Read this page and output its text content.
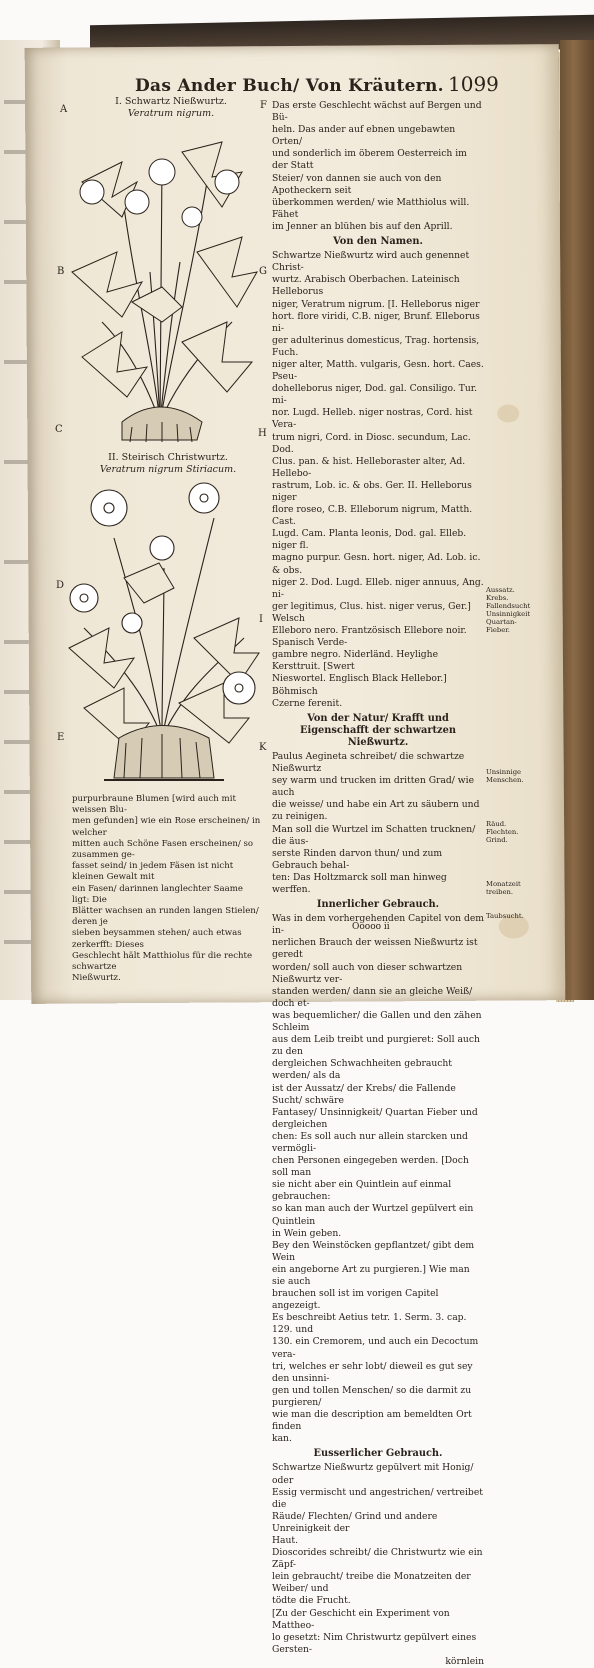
Das Ander Buch/ Von Kräutern. 1099
A
B
C
D
E
F
G
H
I
K
I. Schwartz Nießwurtz.
Veratrum nigrum.
II. Steirisch Christwurtz.
Veratrum nigrum Stiriacum.

Das erste Geschlecht wächst auf Bergen und Bü-

heln. Das ander auf ebnen ungebawten Orten/

und sonderlich im öberem Oesterreich im der Statt

Steier/ von dannen sie auch von den Apotheckern seit

überkommen werden/ wie Matthiolus will. Fähet

im Jenner an blühen bis auf den Aprill.

Von den Namen.

Schwartze Nießwurtz wird auch genennet Christ-

wurtz. Arabisch Oberbachen. Lateinisch Helleborus

niger, Veratrum nigrum. [I. Helleborus niger

hort. flore viridi, C.B. niger, Brunf. Elleborus ni-

ger adulterinus domesticus, Trag. hortensis, Fuch.

niger alter, Matth. vulgaris, Gesn. hort. Caes. Pseu-

dohelleborus niger, Dod. gal. Consiligo. Tur. mi-

nor. Lugd. Helleb. niger nostras, Cord. hist Vera-

trum nigri, Cord. in Diosc. secundum, Lac. Dod.

Clus. pan. & hist. Helleboraster alter, Ad. Hellebo-

rastrum, Lob. ic. & obs. Ger. II. Helleborus niger

flore roseo, C.B. Elleborum nigrum, Matth. Cast.

Lugd. Cam. Planta leonis, Dod. gal. Elleb. niger fl.

magno purpur. Gesn. hort. niger, Ad. Lob. ic. & obs.

niger 2. Dod. Lugd. Elleb. niger annuus, Ang. ni-

ger legitimus, Clus. hist. niger verus, Ger.] Welsch

Elleboro nero. Frantzösisch Ellebore noir. Spanisch Verde-

gambre negro. Niderländ. Heylighe Kersttruit. [Swert

Nieswortel. Englisch Black Hellebor.] Böhmisch

Czerne ferenit.

Von der Natur/ Krafft und Eigenschafft der schwartzen Nießwurtz.

Paulus Aegineta schreibet/ die schwartze Nießwurtz

sey warm und trucken im dritten Grad/ wie auch

die weisse/ und habe ein Art zu säubern und zu reinigen.

Man soll die Wurtzel im Schatten trucknen/ die äus-

serste Rinden darvon thun/ und zum Gebrauch behal-

ten: Das Holtzmarck soll man hinweg werffen.

Innerlicher Gebrauch.

Was in dem vorhergehenden Capitel von dem in-

nerlichen Brauch der weissen Nießwurtz ist geredt

worden/ soll auch von dieser schwartzen Nießwurtz ver-

standen werden/ dann sie an gleiche Weiß/ doch et-

was bequemlicher/ die Gallen und den zähen Schleim

aus dem Leib treibt und purgieret: Soll auch zu den

dergleichen Schwachheiten gebraucht werden/ als da

ist der Aussatz/ der Krebs/ die Fallende Sucht/ schwäre

Fantasey/ Unsinnigkeit/ Quartan Fieber und dergleichen

chen: Es soll auch nur allein starcken und vermögli-

chen Personen eingegeben werden. [Doch soll man

sie nicht aber ein Quintlein auf einmal gebrauchen:

so kan man auch der Wurtzel gepülvert ein Quintlein

in Wein geben.

Bey den Weinstöcken gepflantzet/ gibt dem Wein

ein angeborne Art zu purgieren.] Wie man sie auch

brauchen soll ist im vorigen Capitel angezeigt.

Es beschreibt Aetius tetr. 1. Serm. 3. cap. 129. und

130. ein Cremorem, und auch ein Decoctum vera-

tri, welches er sehr lobt/ dieweil es gut sey den unsinni-

gen und tollen Menschen/ so die darmit zu purgieren/

wie man die description am bemeldten Ort finden

kan.

Eusserlicher Gebrauch.

Schwartze Nießwurtz gepülvert mit Honig/ oder

Essig vermischt und angestrichen/ vertreibet die

Räude/ Flechten/ Grind und andere Unreinigkeit der

Haut.

Dioscorides schreibt/ die Christwurtz wie ein Zäpf-

lein gebraucht/ treibe die Monatzeiten der Weiber/ und

tödte die Frucht.

[Zu der Geschicht ein Experiment von Mattheo-

lo gesetzt: Nim Christwurtz gepülvert eines Gersten-

körnlein

Aussatz. Krebs. Fallendsucht Unsinnigkeit Quartan-Fieber.
Unsinnige Menschen.
Räud. Flechten. Grind.
Monatzeit treiben.
Taubsucht.
purpurbraune Blumen [wird auch mit weissen Blu-
men gefunden] wie ein Rose erscheinen/ in welcher
mitten auch Schöne Fasen erscheinen/ so zusammen ge-
fasset seind/ in jedem Fäsen ist nicht kleinen Gewalt mit
ein Fasen/ darinnen langlechter Saame ligt: Die
Blätter wachsen an runden langen Stielen/ deren je
sieben beysammen stehen/ auch etwas zerkerfft: Dieses
Geschlecht hält Matthiolus für die rechte schwartze
Nießwurtz.
Ooooo ii
